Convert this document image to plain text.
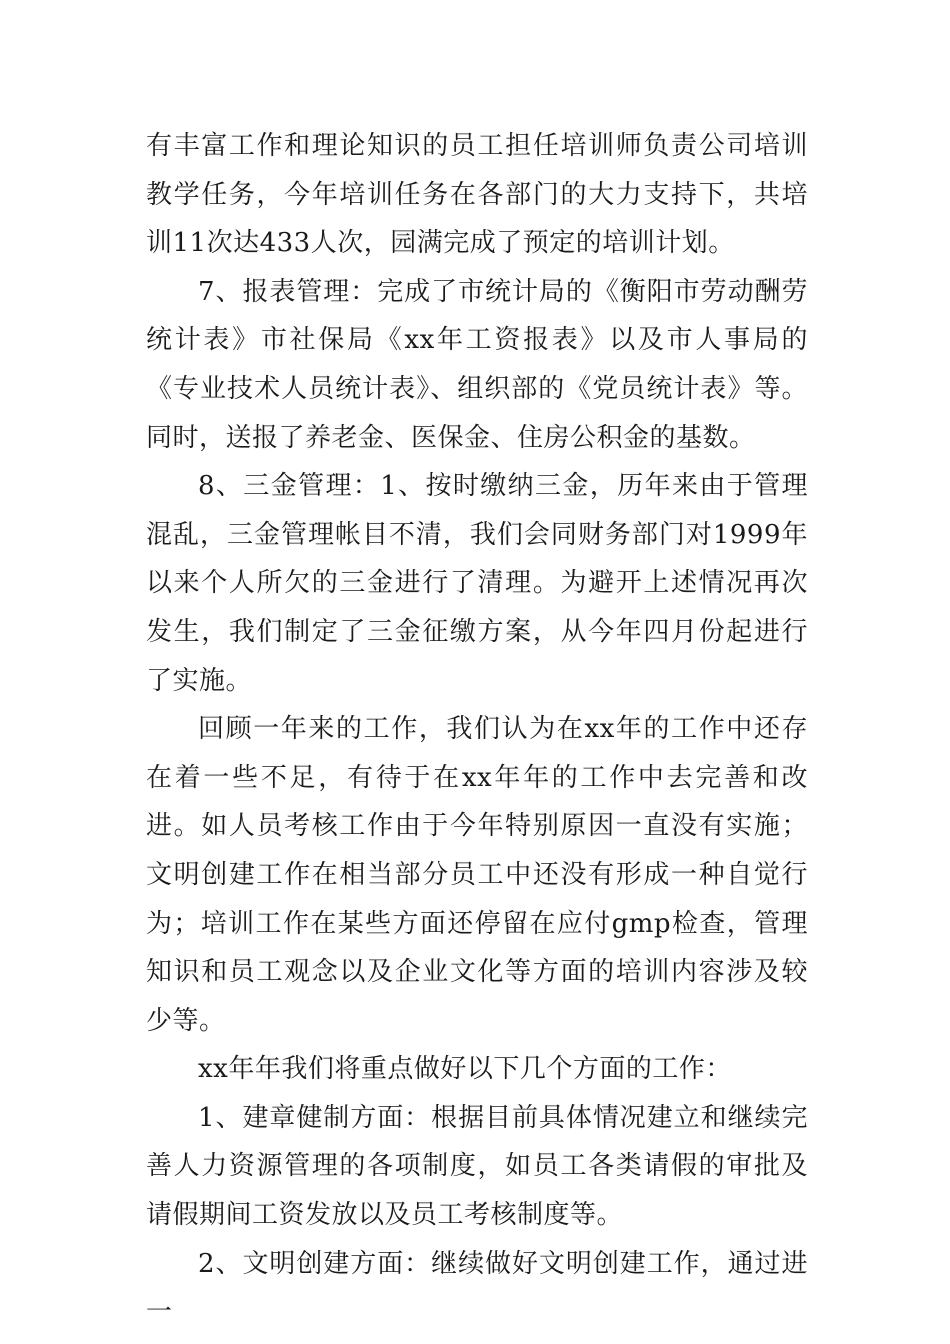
有丰富工作和理论知识的员工担任培训师负责公司培训教学任务，今年培训任务在各部门的大力支持下，共培训11次达433人次，园满完成了预定的培训计划。

7、报表管理：完成了市统计局的《衡阳市劳动酬劳统计表》市社保局《xx年工资报表》以及市人事局的《专业技术人员统计表》、组织部的《党员统计表》等。同时，送报了养老金、医保金、住房公积金的基数。

8、三金管理：1、按时缴纳三金，历年来由于管理混乱，三金管理帐目不清，我们会同财务部门对1999年以来个人所欠的三金进行了清理。为避开上述情况再次发生，我们制定了三金征缴方案，从今年四月份起进行了实施。

回顾一年来的工作，我们认为在xx年的工作中还存在着一些不足，有待于在xx年年的工作中去完善和改进。如人员考核工作由于今年特别原因一直没有实施；文明创建工作在相当部分员工中还没有形成一种自觉行为；培训工作在某些方面还停留在应付gmp检查，管理知识和员工观念以及企业文化等方面的培训内容涉及较少等。

xx年年我们将重点做好以下几个方面的工作：

1、建章健制方面：根据目前具体情况建立和继续完善人力资源管理的各项制度，如员工各类请假的审批及请假期间工资发放以及员工考核制度等。

2、文明创建方面：继续做好文明创建工作，通过进一
